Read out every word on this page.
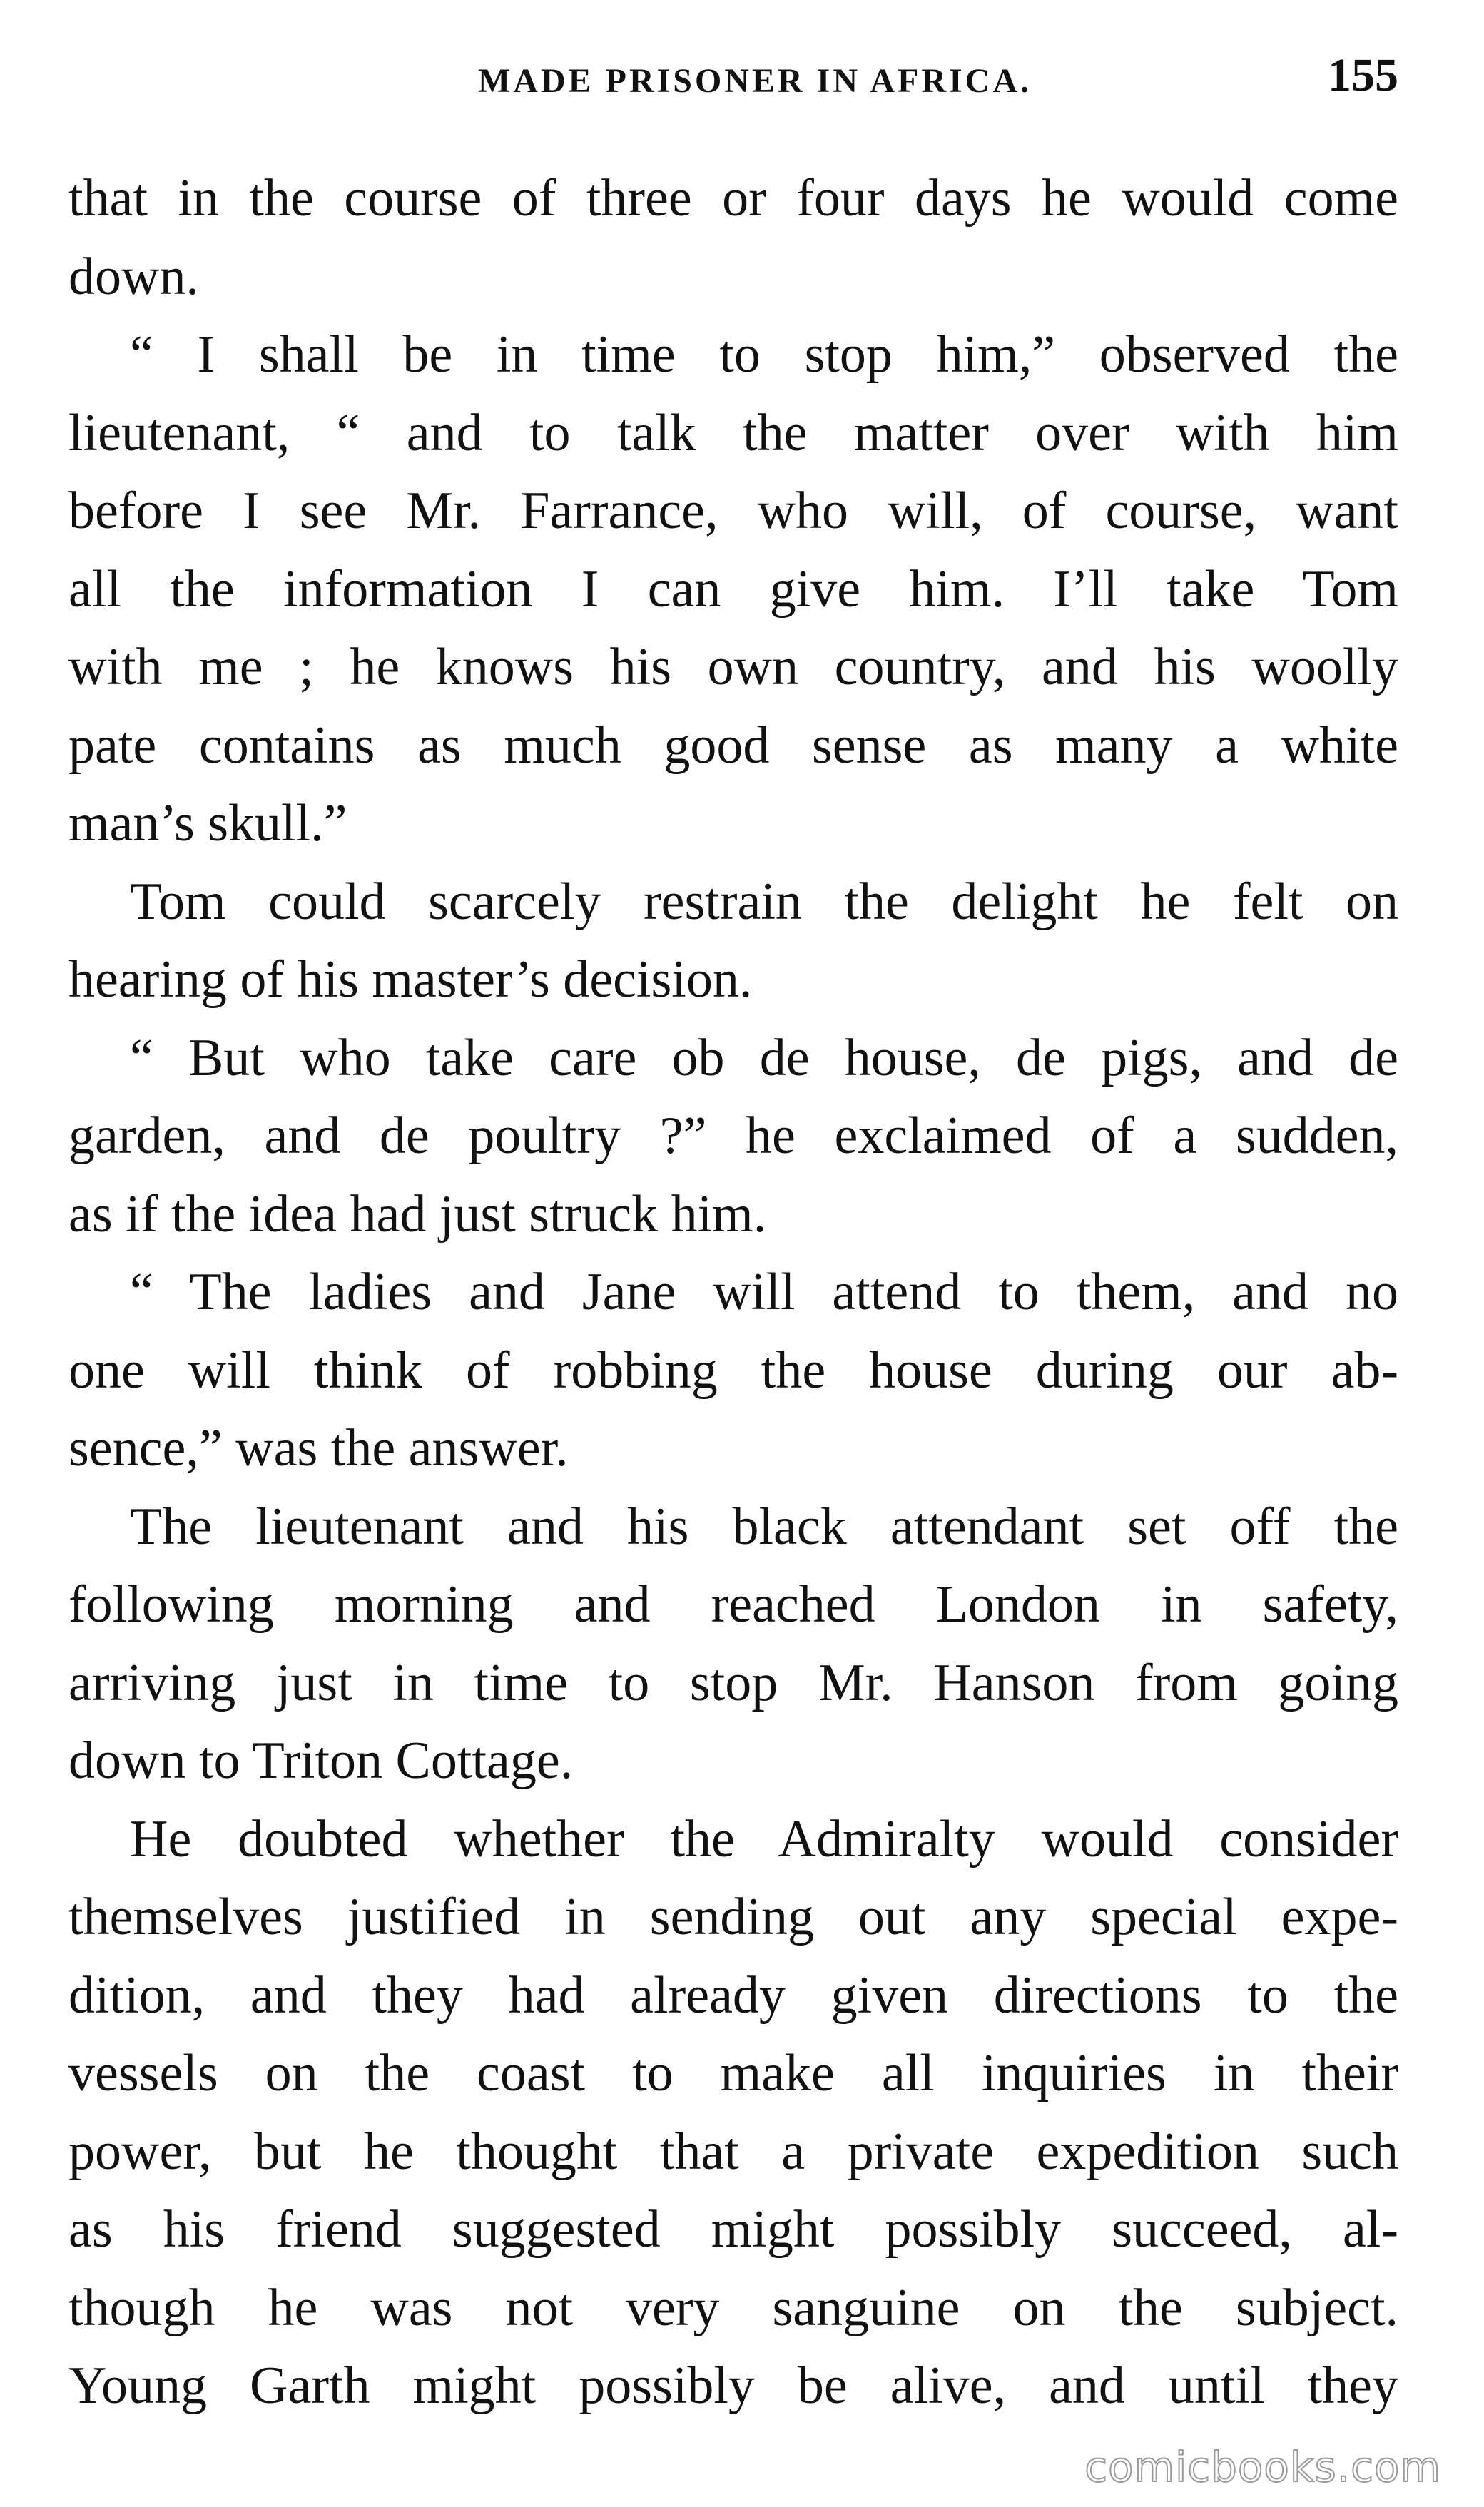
MADE PRISONER IN AFRICA.	155
that in the course of three or four days he would come
down.
“ I shall be in time to stop him,” observed the
lieutenant, “ and to talk the matter over with him
before I see Mr. Farrance, who will, of course, want
all the information I can give him. I’ll take Tom
with me ; he knows his own country, and his woolly
pate contains as much good sense as many a white
man’s skull.”
Tom could scarcely restrain the delight he felt on
hearing of his master’s decision.
“ But who take care ob de house, de pigs, and de
garden, and de poultry ?” he exclaimed of a sudden,
as if the idea had just struck him.
“ The ladies and Jane will attend to them, and no
one will think of robbing the house during our ab-
sence,” was the answer.
The lieutenant and his black attendant set off the
following morning and reached London in safety,
arriving just in time to stop Mr. Hanson from going
down to Triton Cottage.
He doubted whether the Admiralty would consider
themselves justified in sending out any special expe-
dition, and they had already given directions to the
vessels on the coast to make all inquiries in their
power, but he thought that a private expedition such
as his friend suggested might possibly succeed, al-
though he was not very sanguine on the subject.
Young Garth might possibly be alive, and until they
comicbooks.com
